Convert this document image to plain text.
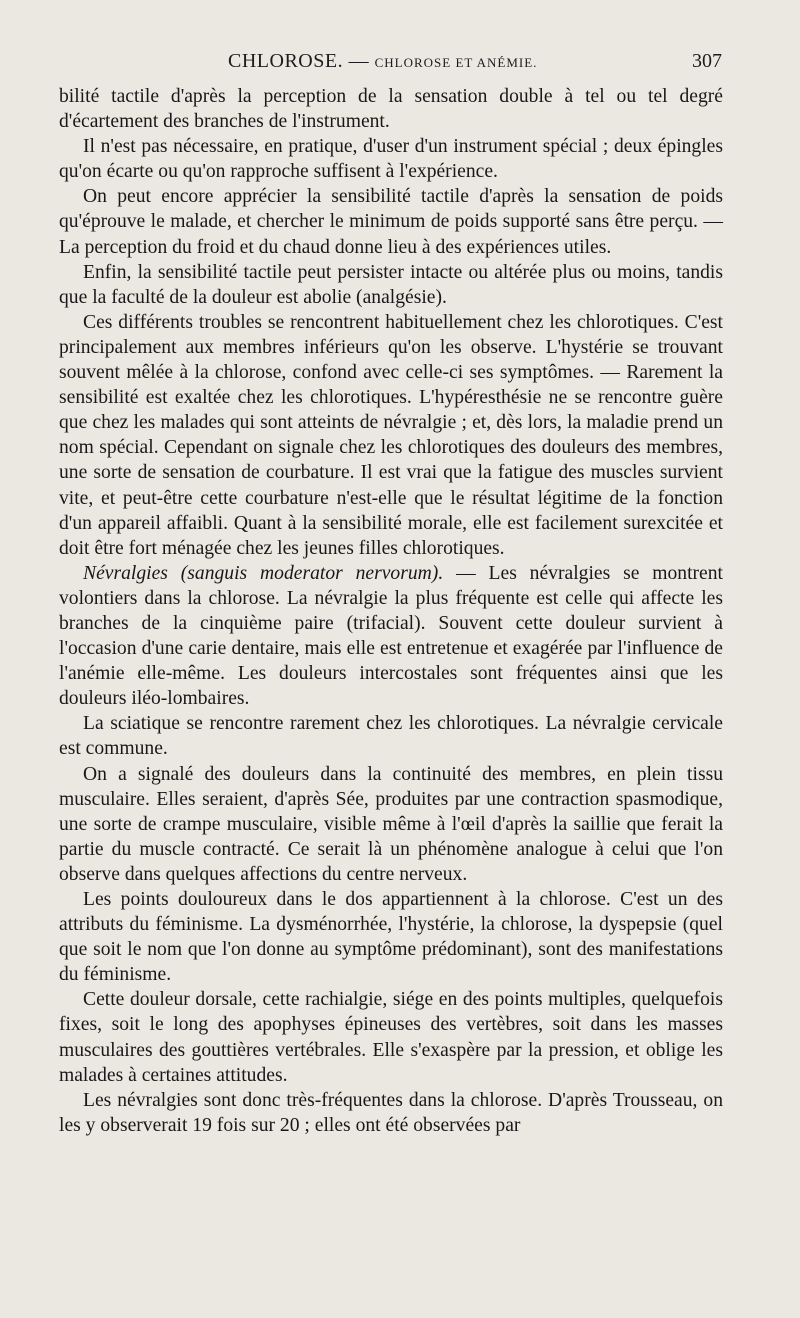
CHLOROSE. — CHLOROSE ET ANÉMIE.	307

bilité tactile d'après la perception de la sensation double à tel ou tel degré d'écartement des branches de l'instrument.

Il n'est pas nécessaire, en pratique, d'user d'un instrument spécial ; deux épingles qu'on écarte ou qu'on rapproche suffisent à l'expérience.

On peut encore apprécier la sensibilité tactile d'après la sensation de poids qu'éprouve le malade, et chercher le minimum de poids supporté sans être perçu. — La perception du froid et du chaud donne lieu à des expériences utiles.

Enfin, la sensibilité tactile peut persister intacte ou altérée plus ou moins, tandis que la faculté de la douleur est abolie (analgésie).

Ces différents troubles se rencontrent habituellement chez les chlorotiques. C'est principalement aux membres inférieurs qu'on les observe. L'hystérie se trouvant souvent mêlée à la chlorose, confond avec celle-ci ses symptômes. — Rarement la sensibilité est exaltée chez les chlorotiques. L'hypéresthésie ne se rencontre guère que chez les malades qui sont atteints de névralgie ; et, dès lors, la maladie prend un nom spécial. Cependant on signale chez les chlorotiques des douleurs des membres, une sorte de sensation de courbature. Il est vrai que la fatigue des muscles survient vite, et peut-être cette courbature n'est-elle que le résultat légitime de la fonction d'un appareil affaibli. Quant à la sensibilité morale, elle est facilement surexcitée et doit être fort ménagée chez les jeunes filles chlorotiques.

Névralgies (sanguis moderator nervorum). — Les névralgies se montrent volontiers dans la chlorose. La névralgie la plus fréquente est celle qui affecte les branches de la cinquième paire (trifacial). Souvent cette douleur survient à l'occasion d'une carie dentaire, mais elle est entretenue et exagérée par l'influence de l'anémie elle-même. Les douleurs intercostales sont fréquentes ainsi que les douleurs iléo-lombaires.

La sciatique se rencontre rarement chez les chlorotiques. La névralgie cervicale est commune.

On a signalé des douleurs dans la continuité des membres, en plein tissu musculaire. Elles seraient, d'après Sée, produites par une contraction spasmodique, une sorte de crampe musculaire, visible même à l'œil d'après la saillie que ferait la partie du muscle contracté. Ce serait là un phénomène analogue à celui que l'on observe dans quelques affections du centre nerveux.

Les points douloureux dans le dos appartiennent à la chlorose. C'est un des attributs du féminisme. La dysménorrhée, l'hystérie, la chlorose, la dyspepsie (quel que soit le nom que l'on donne au symptôme prédominant), sont des manifestations du féminisme.

Cette douleur dorsale, cette rachialgie, siége en des points multiples, quelquefois fixes, soit le long des apophyses épineuses des vertèbres, soit dans les masses musculaires des gouttières vertébrales. Elle s'exaspère par la pression, et oblige les malades à certaines attitudes.

Les névralgies sont donc très-fréquentes dans la chlorose. D'après Trousseau, on les y observerait 19 fois sur 20 ; elles ont été observées par
